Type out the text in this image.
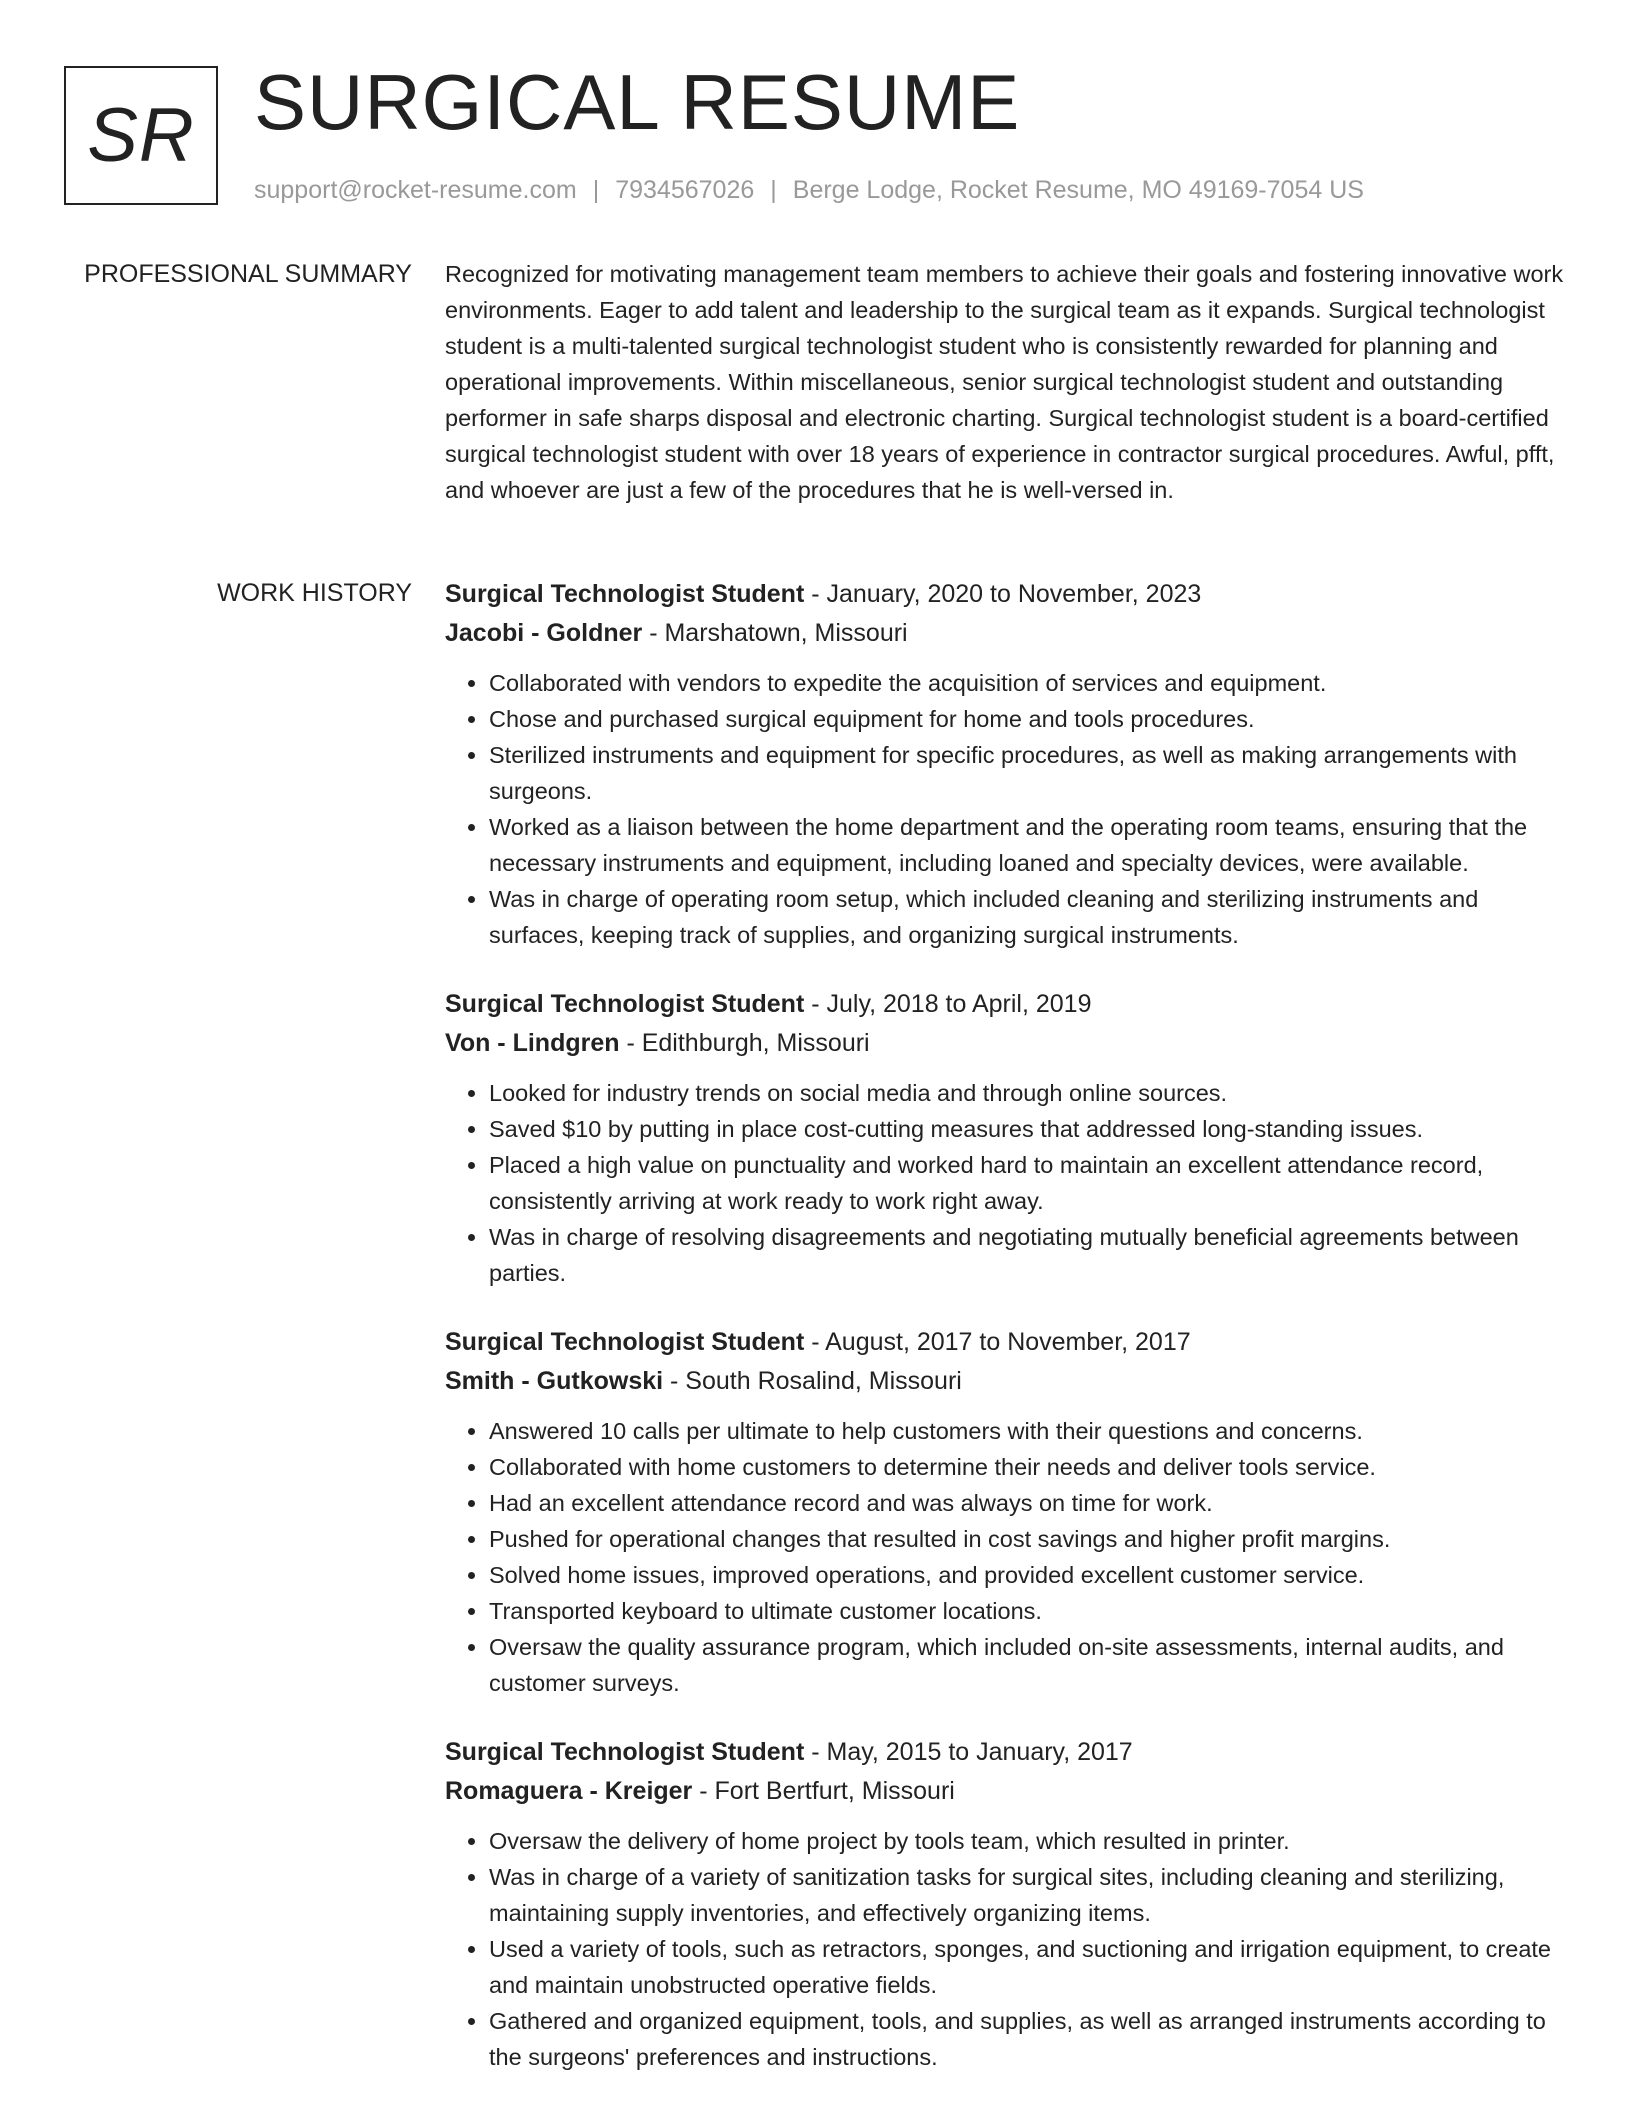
SR SURGICAL RESUME
support@rocket-resume.com | 7934567026 | Berge Lodge, Rocket Resume, MO 49169-7054 US
PROFESSIONAL SUMMARY Recognized for motivating management team members to achieve their goals and fostering innovative work environments. Eager to add talent and leadership to the surgical team as it expands. Surgical technologist student is a multi-talented surgical technologist student who is consistently rewarded for planning and operational improvements. Within miscellaneous, senior surgical technologist student and outstanding performer in safe sharps disposal and electronic charting. Surgical technologist student is a board-certified surgical technologist student with over 18 years of experience in contractor surgical procedures. Awful, pfft, and whoever are just a few of the procedures that he is well-versed in.

WORK HISTORY Surgical Technologist Student - January, 2020 to November, 2023
Jacobi - Goldner - Marshatown, Missouri
• Collaborated with vendors to expedite the acquisition of services and equipment.
• Chose and purchased surgical equipment for home and tools procedures.
• Sterilized instruments and equipment for specific procedures, as well as making arrangements with surgeons.
• Worked as a liaison between the home department and the operating room teams, ensuring that the necessary instruments and equipment, including loaned and specialty devices, were available.
• Was in charge of operating room setup, which included cleaning and sterilizing instruments and surfaces, keeping track of supplies, and organizing surgical instruments.
Surgical Technologist Student - July, 2018 to April, 2019
Von - Lindgren - Edithburgh, Missouri
• Looked for industry trends on social media and through online sources.
• Saved $10 by putting in place cost-cutting measures that addressed long-standing issues.
• Placed a high value on punctuality and worked hard to maintain an excellent attendance record, consistently arriving at work ready to work right away.
• Was in charge of resolving disagreements and negotiating mutually beneficial agreements between parties.
Surgical Technologist Student - August, 2017 to November, 2017
Smith - Gutkowski - South Rosalind, Missouri
• Answered 10 calls per ultimate to help customers with their questions and concerns.
• Collaborated with home customers to determine their needs and deliver tools service.
• Had an excellent attendance record and was always on time for work.
• Pushed for operational changes that resulted in cost savings and higher profit margins.
• Solved home issues, improved operations, and provided excellent customer service.
• Transported keyboard to ultimate customer locations.
• Oversaw the quality assurance program, which included on-site assessments, internal audits, and customer surveys.
Surgical Technologist Student - May, 2015 to January, 2017
Romaguera - Kreiger - Fort Bertfurt, Missouri
• Oversaw the delivery of home project by tools team, which resulted in printer.
• Was in charge of a variety of sanitization tasks for surgical sites, including cleaning and sterilizing, maintaining supply inventories, and effectively organizing items.
• Used a variety of tools, such as retractors, sponges, and suctioning and irrigation equipment, to create and maintain unobstructed operative fields.
• Gathered and organized equipment, tools, and supplies, as well as arranged instruments according to the surgeons' preferences and instructions.
